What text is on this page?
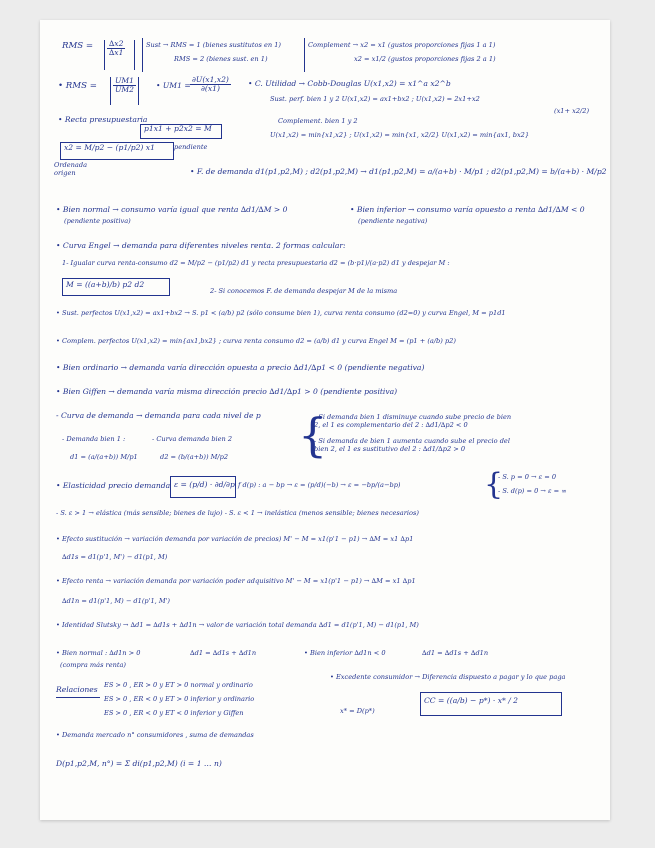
RMS = $\frac{\Delta x2}{\Delta x1}$	Sust → RMS = 1 (bienes sustitutos en 1)
RMS = 2 (bienes sust. en 1)
Complement → x2 = x1 (gustos proporciones fijas 1 a 1)
x2 = x1/2 (gustos proporciones fijas 2 a 1)
• RMS = $\frac{UM1}{UM2}$	• $UM1 = \frac{\partial U(x1,x2)}{\partial(x1)}$ • C. Utilidad → Cobb-Douglas U(x1,x2) = x1^a x2^b
Sust. perf. bien 1 y 2 U(x1,x2) = ax1+bx2 ; U(x1,x2) = 2x1+x2
(x1+ x2/2)
• Recta presupuestaria
p1x1 + p2x2 = M
Complement. bien 1 y 2
U(x1,x2) = min{x1,x2} ; U(x1,x2) = min{x1, x2/2} U(x1,x2) = min{ax1, bx2}
x2 = M/p2 − (p1/p2) x1	pendiente
Ordenada origen	• F. de demanda d1(p1,p2,M) ; d2(p1,p2,M) → d1(p1,p2,M) = a/(a+b) · M/p1 ; d2(p1,p2,M) = b/(a+b) · M/p2
• Bien normal → consumo varía igual que renta ∆d1/∆M > 0
(pendiente positiva)
• Bien inferior → consumo varía opuesto a renta ∆d1/∆M < 0
(pendiente negativa)
• Curva Engel → demanda para diferentes niveles renta. 2 formas calcular:
1- Igualar curva renta-consumo d2 = M/p2 − (p1/p2) d1 y recta presupuestaria d2 = (b·p1)/(a·p2) d1 y despejar M :
M = ((a+b)/b) p2 d2
2- Si conocemos F. de demanda despejar M de la misma
• Sust. perfectos U(x1,x2) = ax1+bx2 → S. p1 < (a/b) p2 (sólo consume bien 1), curva renta consumo (d2=0) y curva Engel, M = p1d1
• Complem. perfectos U(x1,x2) = min{ax1,bx2} ; curva renta consumo d2 = (a/b) d1 y curva Engel M = (p1 + (a/b) p2)
• Bien ordinario → demanda varía dirección opuesta a precio ∆d1/∆p1 < 0 (pendiente negativa)
• Bien Giffen → demanda varía misma dirección precio ∆d1/∆p1 > 0 (pendiente positiva)
- Curva de demanda → demanda para cada nivel de p
- Demanda bien 1 :
d1 = (a/(a+b)) M/p1
- Curva demanda bien 2
d2 = (b/(a+b)) M/p2 {
- Si demanda bien 1 disminuye cuando sube precio de bien 2, el 1 es complementario del 2 : ∆d1/∆p2 < 0
- Si demanda de bien 1 aumenta cuando sube el precio del bien 2, el 1 es sustitutivo del 2 : ∆d1/∆p2 > 0
• Elasticidad precio demanda ε = (p/d) · ∂d/∂p f d(p) : a − bp → ε = (p/d)(−b) → ε = −bp/(a−bp)	{
- S. p = 0 → ε = 0
- S. d(p) = 0 → ε = ∞
- S. ε > 1 → elástica (más sensible; bienes de lujo) - S. ε < 1 → inelástica (menos sensible; bienes necesarios)
• Efecto sustitución → variación demanda por variación de precios) M' − M = x1(p'1 − p1) → ∆M = x1 ∆p1
∆d1s = d1(p'1, M') − d1(p1, M)
• Efecto renta → variación demanda por variación poder adquisitivo M' − M = x1(p'1 − p1) → ∆M = x1 ∆p1
∆d1n = d1(p'1, M) − d1(p'1, M')
• Identidad Slutsky → ∆d1 = ∆d1s + ∆d1n → valor de variación total demanda ∆d1 = d1(p'1, M) − d1(p1, M)
• Bien normal : ∆d1n > 0
(compra más renta)
∆d1 = ∆d1s + ∆d1n	• Bien inferior ∆d1n < 0	∆d1 = ∆d1s + ∆d1n
Relaciones ES > 0 , ER > 0 y ET > 0 normal y ordinario
ES > 0 , ER < 0 y ET > 0 inferior y ordinario
ES > 0 , ER < 0 y ET < 0 inferior y Giffen
• Excedente consumidor → Diferencia dispuesto a pagar y lo que paga
CC = ((a/b) − p*) · x* / 2
x* = D(p*)
• Demanda mercado n° consumidores , suma de demandas
D(p1,p2,M, n°) = Σ di(p1,p2,M) (i = 1 … n)
